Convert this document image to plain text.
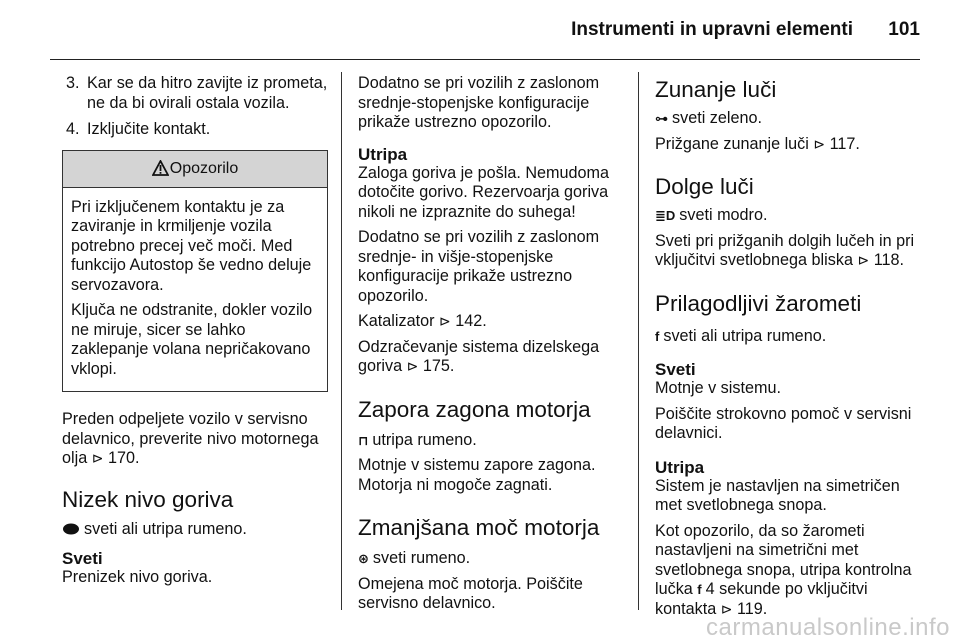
Instrumenti in upravni elementi	101
3. Kar se da hitro zavijte iz prometa, ne da bi ovirali ostala vozila.
4. Izključite kontakt.
Opozorilo

Pri izključenem kontaktu je za zaviranje in krmiljenje vozila potrebno precej več moči. Med funkcijo Autostop še vedno deluje servozavora.

Ključa ne odstranite, dokler vozilo ne miruje, sicer se lahko zaklepanje volana nepričakovano vklopi.

Preden odpeljete vozilo v servisno delavnico, preverite nivo motornega olja ⊳ 170.

Nizek nivo goriva

sveti ali utripa rumeno.

Sveti

Prenizek nivo goriva.

Dodatno se pri vozilih z zaslonom srednje-stopenjske konfiguracije prikaže ustrezno opozorilo.

Utripa

Zaloga goriva je pošla. Nemudoma dotočite gorivo. Rezervoarja goriva nikoli ne izpraznite do suhega!

Dodatno se pri vozilih z zaslonom srednje- in višje-stopenjske konfiguracije prikaže ustrezno opozorilo.

Katalizator ⊳ 142.

Odzračevanje sistema dizelskega goriva ⊳ 175.

Zapora zagona motorja

⊓ utripa rumeno.

Motnje v sistemu zapore zagona. Motorja ni mogoče zagnati.

Zmanjšana moč motorja

⊛ sveti rumeno.

Omejena moč motorja. Poiščite servisno delavnico.

Zunanje luči

⊶ sveti zeleno.

Prižgane zunanje luči ⊳ 117.

Dolge luči

≣D sveti modro.

Sveti pri prižganih dolgih lučeh in pri vključitvi svetlobnega bliska ⊳ 118.

Prilagodljivi žarometi

f sveti ali utripa rumeno.

Sveti

Motnje v sistemu.

Poiščite strokovno pomoč v servisni delavnici.

Utripa

Sistem je nastavljen na simetričen met svetlobnega snopa.

Kot opozorilo, da so žarometi nastavljeni na simetrični met svetlobnega snopa, utripa kontrolna lučka f 4 sekunde po vključitvi kontakta ⊳ 119.

carmanualsonline.info
